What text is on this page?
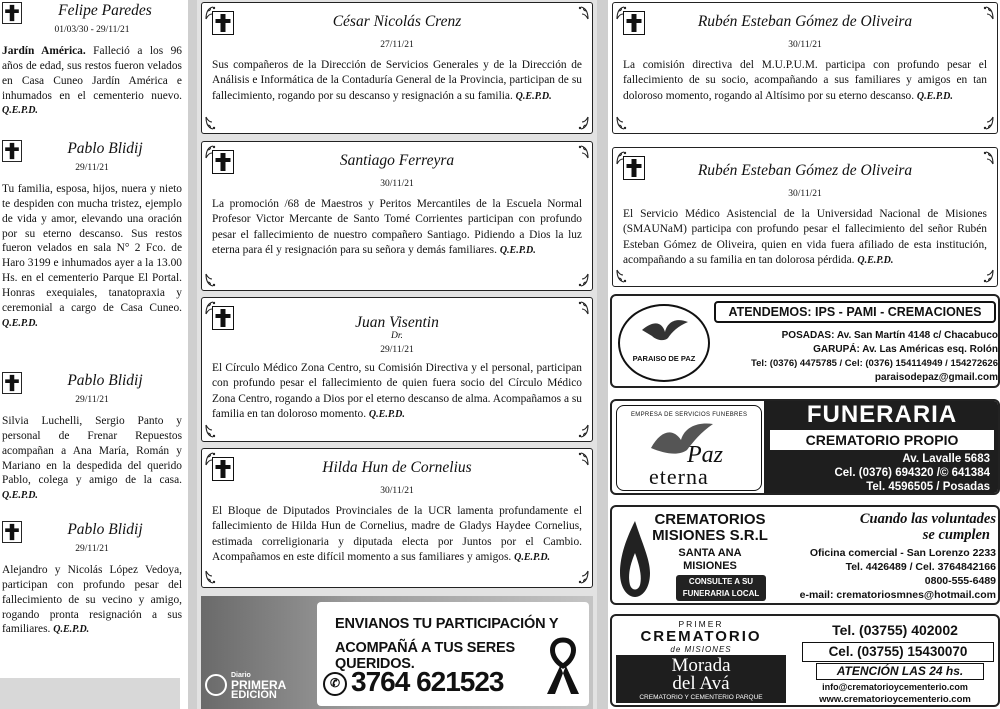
Felipe Paredes
01/03/30 - 29/11/21
Jardín América. Falleció a los 96 años de edad, sus restos fueron velados en Casa Cuneo Jardín América e inhumados en el cementerio nuevo. Q.E.P.D.
Pablo Blidij
29/11/21
Tu familia, esposa, hijos, nuera y nieto te despiden con mucha tristez, ejemplo de vida y amor, elevando una oración por su eterno descanso. Sus restos fueron velados en sala N° 2 Fco. de Haro 3199 e inhumados ayer a la 13.00 Hs. en el cementerio Parque El Portal. Honras exequiales, tanatopraxia y ceremonial a cargo de Casa Cuneo. Q.E.P.D.
Pablo Blidij
29/11/21
Silvia Luchelli, Sergio Panto y personal de Frenar Repuestos acompañan a Ana María, Román y Mariano en la despedida del querido Pablo, colega y amigo de la casa. Q.E.P.D.
Pablo Blidij
29/11/21
Alejandro y Nicolás López Vedoya, participan con profundo pesar del fallecimiento de su vecino y amigo, rogando pronta resignación a sus familiares. Q.E.P.D.
César Nicolás Crenz
27/11/21
Sus compañeros de la Dirección de Servicios Generales y de la Dirección de Análisis e Informática de la Contaduría General de la Provincia, participan de su fallecimiento, rogando por su descanso y resignación a su familia. Q.E.P.D.
Santiago Ferreyra
30/11/21
La promoción /68 de Maestros y Peritos Mercantiles de la Escuela Normal Profesor Victor Mercante de Santo Tomé Corrientes participan con profundo pesar el fallecimiento de nuestro compañero Santiago. Pidiendo a Dios la luz eterna para él y resignación para su señora y demás familiares. Q.E.P.D.
Juan Visentin
Dr.
29/11/21
El Círculo Médico Zona Centro, su Comisión Directiva y el personal, participan con profundo pesar el fallecimiento de quien fuera socio del Círculo Médico Zona Centro, rogando a Dios por el eterno descanso de alma. Acompañamos a su familia en tan doloroso momento. Q.E.P.D.
Hilda Hun de Cornelius
30/11/21
El Bloque de Diputados Provinciales de la UCR lamenta profundamente el fallecimiento de Hilda Hun de Cornelius, madre de Gladys Haydee Cornelius, estimada correligionaria y diputada electa por Juntos por el Cambio. Acompañamos en este difícil momento a sus familiares y amigos. Q.E.P.D.
Diario
PRIMERA
EDICIÓN
ENVIANOS TU PARTICIPACIÓN Y
ACOMPAÑÁ A TUS SERES QUERIDOS.
✆ 3764 621523
Rubén Esteban Gómez de Oliveira
30/11/21
La comisión directiva del M.U.P.U.M. participa con profundo pesar el fallecimiento de su socio, acompañando a sus familiares y amigos en tan doloroso momento, rogando al Altísimo por su eterno descanso. Q.E.P.D.
Rubén Esteban Gómez de Oliveira
30/11/21
El Servicio Médico Asistencial de la Universidad Nacional de Misiones (SMAUNaM) participa con profundo pesar el fallecimiento del señor Rubén Esteban Gómez de Oliveira, quien en vida fuera afiliado de esta institución, acompañando a su familia en tan dolorosa pérdida. Q.E.P.D.
ATENDEMOS: IPS - PAMI - CREMACIONES
PARAISO DE PAZ
POSADAS: Av. San Martín 4148 c/ Chacabuco
GARUPÁ: Av. Las Américas esq. Rolón
Tel: (0376) 4475785 / Cel: (0376) 154114949 / 154272626
paraisodepaz@gmail.com
EMPRESA DE SERVICIOS FUNEBRES
Paz
eterna
FUNERARIA
CREMATORIO PROPIO
Av. Lavalle 5683
Cel. (0376) 694320 /© 641384
Tel. 4596505 / Posadas
CREMATORIOS
MISIONES S.R.L
SANTA ANA
MISIONES
CONSULTE A SU
FUNERARIA LOCAL
Cuando las voluntades
se cumplen
Oficina comercial - San Lorenzo 2233
Tel. 4426489 / Cel. 3764842166
0800-555-6489
e-mail: crematoriosmnes@hotmail.com
PRIMER
CREMATORIO
de MISIONES
Morada
del Avá
CREMATORIO Y CEMENTERIO PARQUE
Tel. (03755) 402002
Cel. (03755) 15430070
ATENCIÓN LAS 24 hs.
info@crematorioycementerio.com
www.crematorioycementerio.com
